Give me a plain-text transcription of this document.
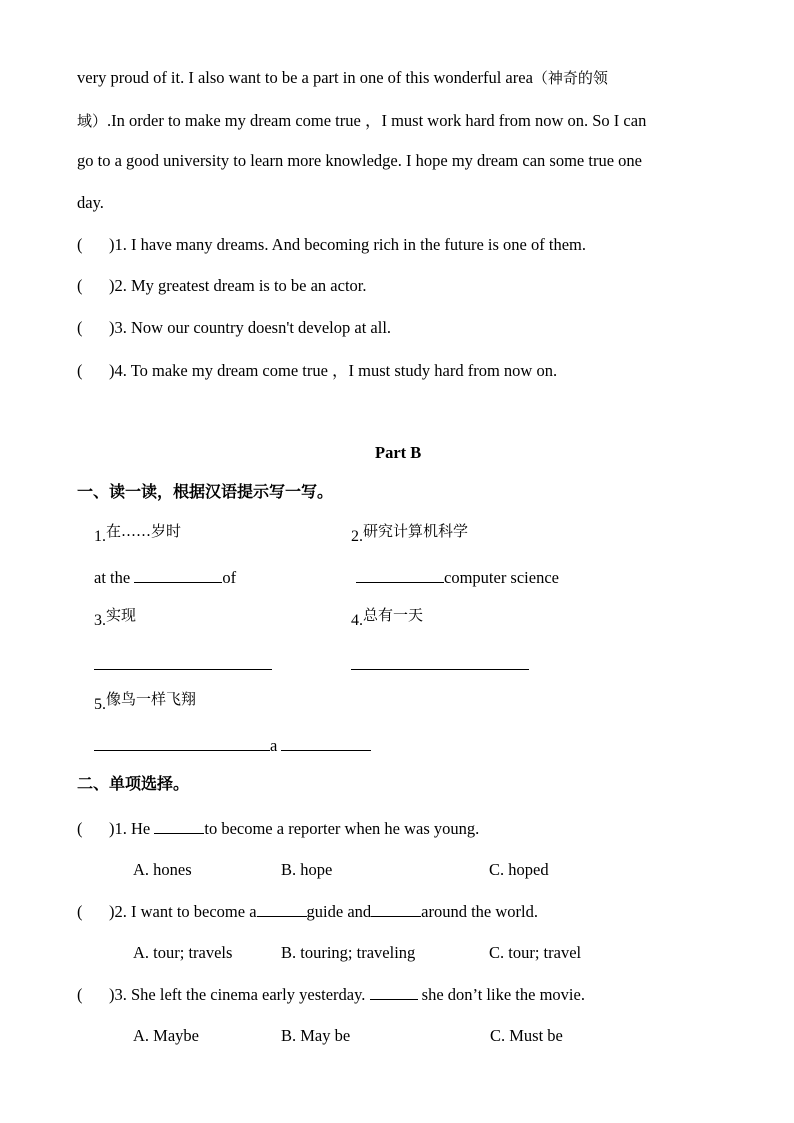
very proud of it. I also want to be a part in one of this wonderful area（神奇的领
域）.In order to make my dream come true ，I must work hard from now on. So I can
go to a good university to learn more knowledge. I hope my dream can some true one
day.
( )1. I have many dreams. And becoming rich in the future is one of them.
( )2. My greatest dream is to be an actor.
( )3. Now our country doesn't develop at all.
( )4. To make my dream come true ，I must study hard from now on.
Part B
一、读一读，根据汉语提示写一写。
1.在……岁时	2.研究计算机科学
at the	of	computer science
3.实现	4.总有一天
5.像鸟一样飞翔
a
二、单项选择。
( )1. He	to become a reporter when he was young.
A. hones	B. hope	C. hoped
( )2. I want to become a	guide and	around the world.
A. tour; travels	B. touring; traveling	C. tour; travel
( )3. She left the cinema early yesterday.	she don’t like the movie.
A. Maybe	B. May be	C. Must be
